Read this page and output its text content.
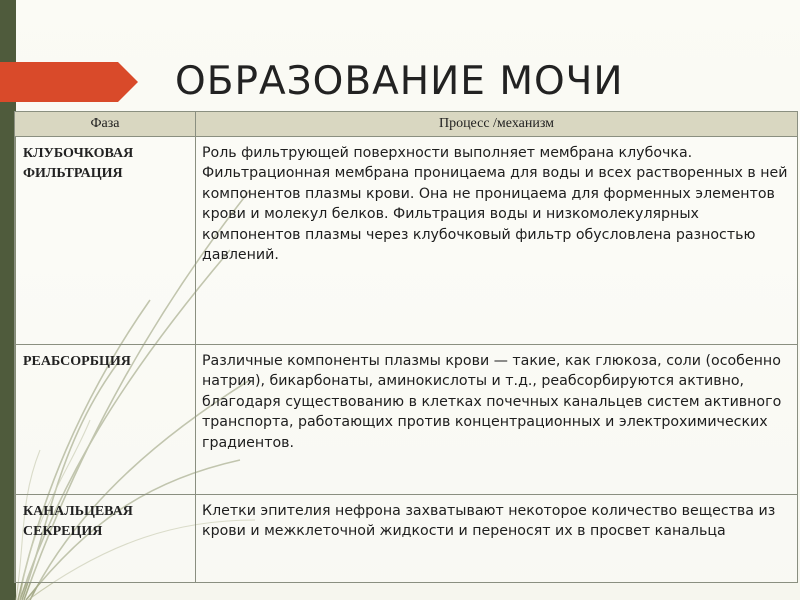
ОБРАЗОВАНИЕ МОЧИ
Фаза	Процесс /механизм
КЛУБОЧКОВАЯ ФИЛЬТРАЦИЯ	Роль фильтрующей поверхности выполняет мембрана клубочка.
Фильтрационная мембрана проницаема для воды и всех растворенных в ней компонентов плазмы крови. Она не проницаема для форменных элементов крови и молекул белков. Фильтрация воды и низкомолекулярных компонентов плазмы через клубочковый фильтр обусловлена разностью давлений.
РЕАБСОРБЦИЯ	Различные компоненты плазмы крови — такие, как глюкоза, соли (особенно натрия), бикарбонаты, аминокислоты и т.д., реабсорбируются активно, благодаря существованию в клетках почечных канальцев систем активного транспорта, работающих против концентрационных и электрохимических градиентов.
КАНАЛЬЦЕВАЯ СЕКРЕЦИЯ	Клетки эпителия нефрона захватывают некоторое количество вещества из крови и межклеточной жидкости и переносят их в просвет канальца
